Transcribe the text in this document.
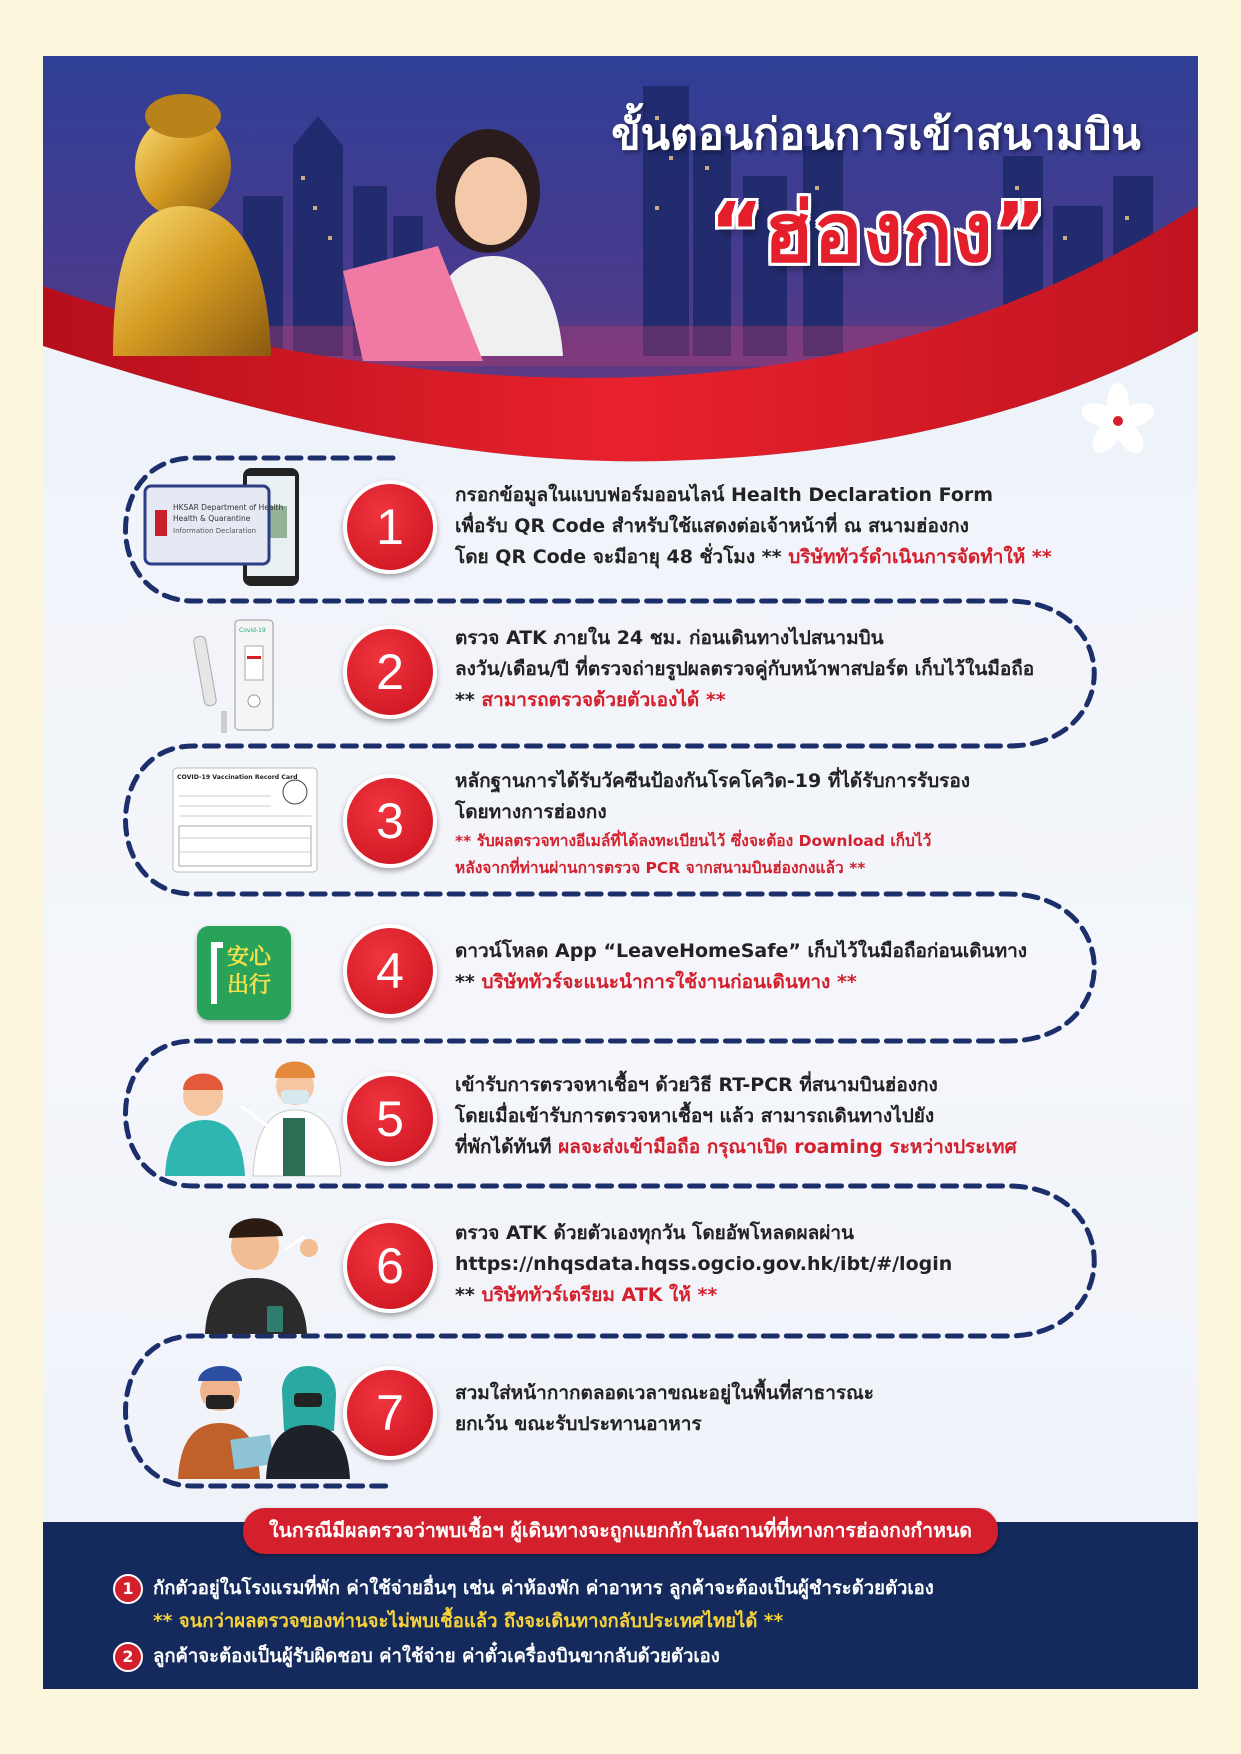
ขั้นตอนก่อนการเข้าสนามบิน
“ฮ่องกง”
HKSAR Department of Health
Health & Quarantine
Information Declaration
Covid-19
COVID-19 Vaccination Record Card
安心出行
1
2
3
4
5
6
7
กรอกข้อมูลในแบบฟอร์มออนไลน์ Health Declaration Form
เพื่อรับ QR Code สำหรับใช้แสดงต่อเจ้าหน้าที่ ณ สนามฮ่องกง
โดย QR Code จะมีอายุ 48 ชั่วโมง ** บริษัททัวร์ดำเนินการจัดทำให้ **
ตรวจ ATK ภายใน 24 ชม. ก่อนเดินทางไปสนามบิน
ลงวัน/เดือน/ปี ที่ตรวจถ่ายรูปผลตรวจคู่กับหน้าพาสปอร์ต เก็บไว้ในมือถือ
** สามารถตรวจด้วยตัวเองได้ **
หลักฐานการได้รับวัคซีนป้องกันโรคโควิด-19 ที่ได้รับการรับรอง
โดยทางการฮ่องกง
** รับผลตรวจทางอีเมล์ที่ได้ลงทะเบียนไว้ ซึ่งจะต้อง Download เก็บไว้
หลังจากที่ท่านผ่านการตรวจ PCR จากสนามบินฮ่องกงแล้ว **
ดาวน์โหลด App “LeaveHomeSafe” เก็บไว้ในมือถือก่อนเดินทาง
** บริษัททัวร์จะแนะนำการใช้งานก่อนเดินทาง **
เข้ารับการตรวจหาเชื้อฯ ด้วยวิธี RT-PCR ที่สนามบินฮ่องกง
โดยเมื่อเข้ารับการตรวจหาเชื้อฯ แล้ว สามารถเดินทางไปยัง
ที่พักได้ทันที ผลจะส่งเข้ามือถือ กรุณาเปิด roaming ระหว่างประเทศ
ตรวจ ATK ด้วยตัวเองทุกวัน โดยอัพโหลดผลผ่าน
https://nhqsdata.hqss.ogcio.gov.hk/ibt/#/login
** บริษัททัวร์เตรียม ATK ให้ **
สวมใส่หน้ากากตลอดเวลาขณะอยู่ในพื้นที่สาธารณะ
ยกเว้น ขณะรับประทานอาหาร
ในกรณีมีผลตรวจว่าพบเชื้อฯ ผู้เดินทางจะถูกแยกกักในสถานที่ที่ทางการฮ่องกงกำหนด
1	กักตัวอยู่ในโรงแรมที่พัก ค่าใช้จ่ายอื่นๆ เช่น ค่าห้องพัก ค่าอาหาร ลูกค้าจะต้องเป็นผู้ชำระด้วยตัวเอง
** จนกว่าผลตรวจของท่านจะไม่พบเชื้อแล้ว ถึงจะเดินทางกลับประเทศไทยได้ **
2	ลูกค้าจะต้องเป็นผู้รับผิดชอบ ค่าใช้จ่าย ค่าตั๋วเครื่องบินขากลับด้วยตัวเอง
